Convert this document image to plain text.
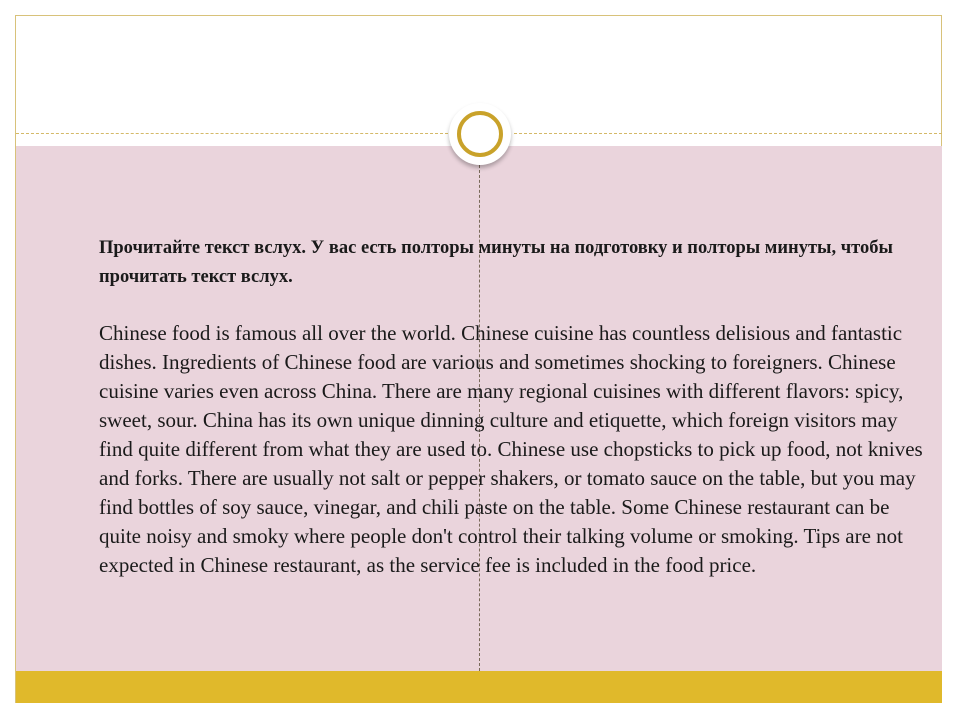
Прочитайте текст вслух. У вас есть полторы минуты на подготовку и полторы минуты, чтобы прочитать текст вслух.

Chinese food is famous all over the world. Chinese cuisine has countless delisious and fantastic dishes. Ingredients of Chinese food are various and sometimes shocking to foreigners. Chinese cuisine varies even across China. There are many regional cuisines with different flavors: spicy, sweet, sour. China has its own unique dinning culture and etiquette, which foreign visitors may find quite different from what they are used to. Chinese use chopsticks to pick up food, not knives and forks. There are usually not salt or pepper shakers, or tomato sauce on the table, but you may find bottles of soy sauce, vinegar, and chili paste on the table. Some Chinese restaurant can be quite noisy and smoky where people don't control their talking volume or smoking. Tips are not expected in Chinese restaurant, as the service fee is included in the food price.
